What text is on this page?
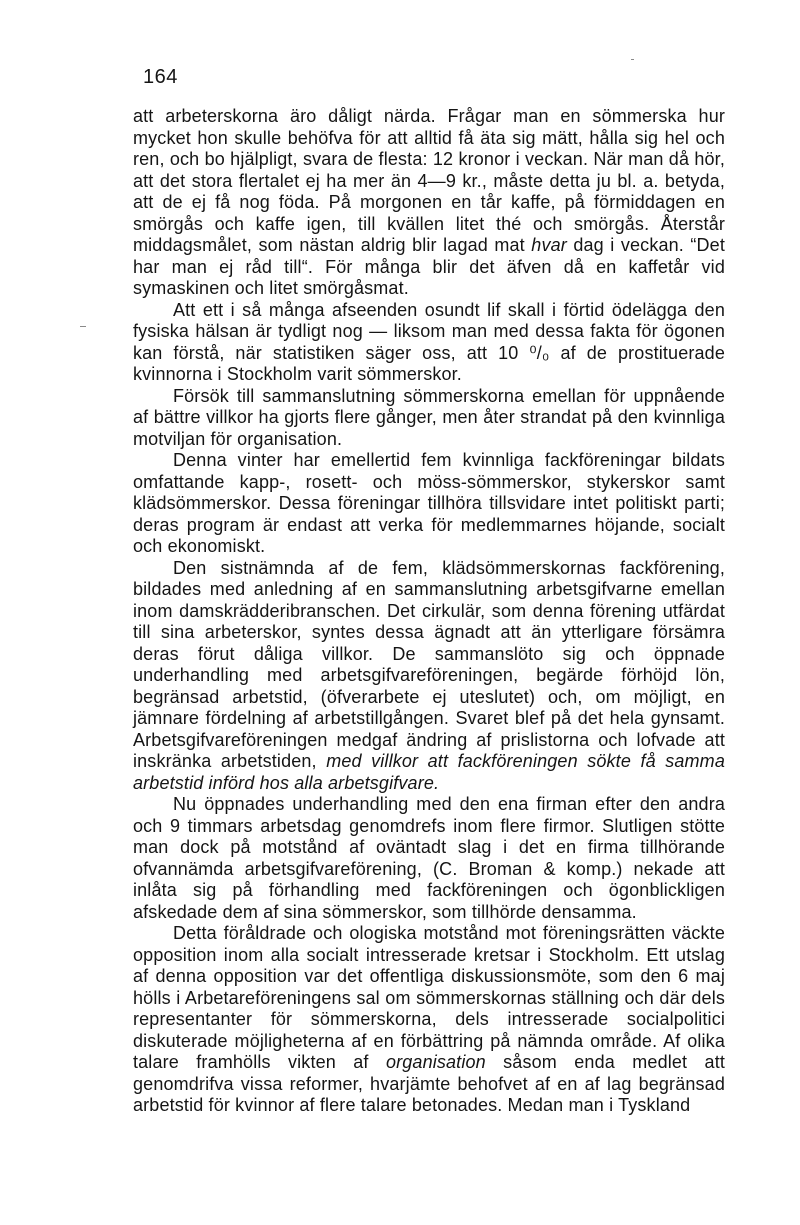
164

att arbeterskorna äro dåligt närda. Frågar man en sömmerska hur mycket hon skulle behöfva för att alltid få äta sig mätt, hålla sig hel och ren, och bo hjälpligt, svara de flesta: 12 kronor i veckan. När man då hör, att det stora flertalet ej ha mer än 4—9 kr., måste detta ju bl. a. betyda, att de ej få nog föda. På morgonen en tår kaffe, på förmiddagen en smörgås och kaffe igen, till kvällen litet thé och smörgås. Återstår middagsmålet, som nästan aldrig blir lagad mat hvar dag i veckan. “Det har man ej råd till“. För många blir det äfven då en kaffetår vid symaskinen och litet smörgåsmat.

Att ett i så många afseenden osundt lif skall i förtid ödelägga den fysiska hälsan är tydligt nog — liksom man med dessa fakta för ögonen kan förstå, när statistiken säger oss, att 10 ⁰/₀ af de prostituerade kvinnorna i Stockholm varit sömmerskor.

Försök till sammanslutning sömmerskorna emellan för uppnående af bättre villkor ha gjorts flere gånger, men åter strandat på den kvinnliga motviljan för organisation.

Denna vinter har emellertid fem kvinnliga fackföreningar bildats omfattande kapp-, rosett- och möss-sömmerskor, stykerskor samt klädsömmerskor. Dessa föreningar tillhöra tillsvidare intet politiskt parti; deras program är endast att verka för medlemmarnes höjande, socialt och ekonomiskt.

Den sistnämnda af de fem, klädsömmerskornas fackförening, bildades med anledning af en sammanslutning arbetsgifvarne emellan inom damskrädderibranschen. Det cirkulär, som denna förening utfärdat till sina arbeterskor, syntes dessa ägnadt att än ytterligare försämra deras förut dåliga villkor. De sammanslöto sig och öppnade underhandling med arbetsgifvareföreningen, begärde förhöjd lön, begränsad arbetstid, (öfverarbete ej uteslutet) och, om möjligt, en jämnare fördelning af arbetstillgången. Svaret blef på det hela gynsamt. Arbetsgifvareföreningen medgaf ändring af prislistorna och lofvade att inskränka arbetstiden, med villkor att fackföreningen sökte få samma arbetstid införd hos alla arbetsgifvare.

Nu öppnades underhandling med den ena firman efter den andra och 9 timmars arbetsdag genomdrefs inom flere firmor. Slutligen stötte man dock på motstånd af oväntadt slag i det en firma tillhörande ofvannämda arbetsgifvareförening, (C. Broman & komp.) nekade att inlåta sig på förhandling med fackföreningen och ögonblickligen afskedade dem af sina sömmerskor, som tillhörde densamma.

Detta föråldrade och ologiska motstånd mot föreningsrätten väckte opposition inom alla socialt intresserade kretsar i Stockholm. Ett utslag af denna opposition var det offentliga diskussionsmöte, som den 6 maj hölls i Arbetareföreningens sal om sömmerskornas ställning och där dels representanter för sömmerskorna, dels intresserade socialpolitici diskuterade möjligheterna af en förbättring på nämnda område. Af olika talare framhölls vikten af organisation såsom enda medlet att genomdrifva vissa reformer, hvarjämte behofvet af en af lag begränsad arbetstid för kvinnor af flere talare betonades. Medan man i Tyskland
